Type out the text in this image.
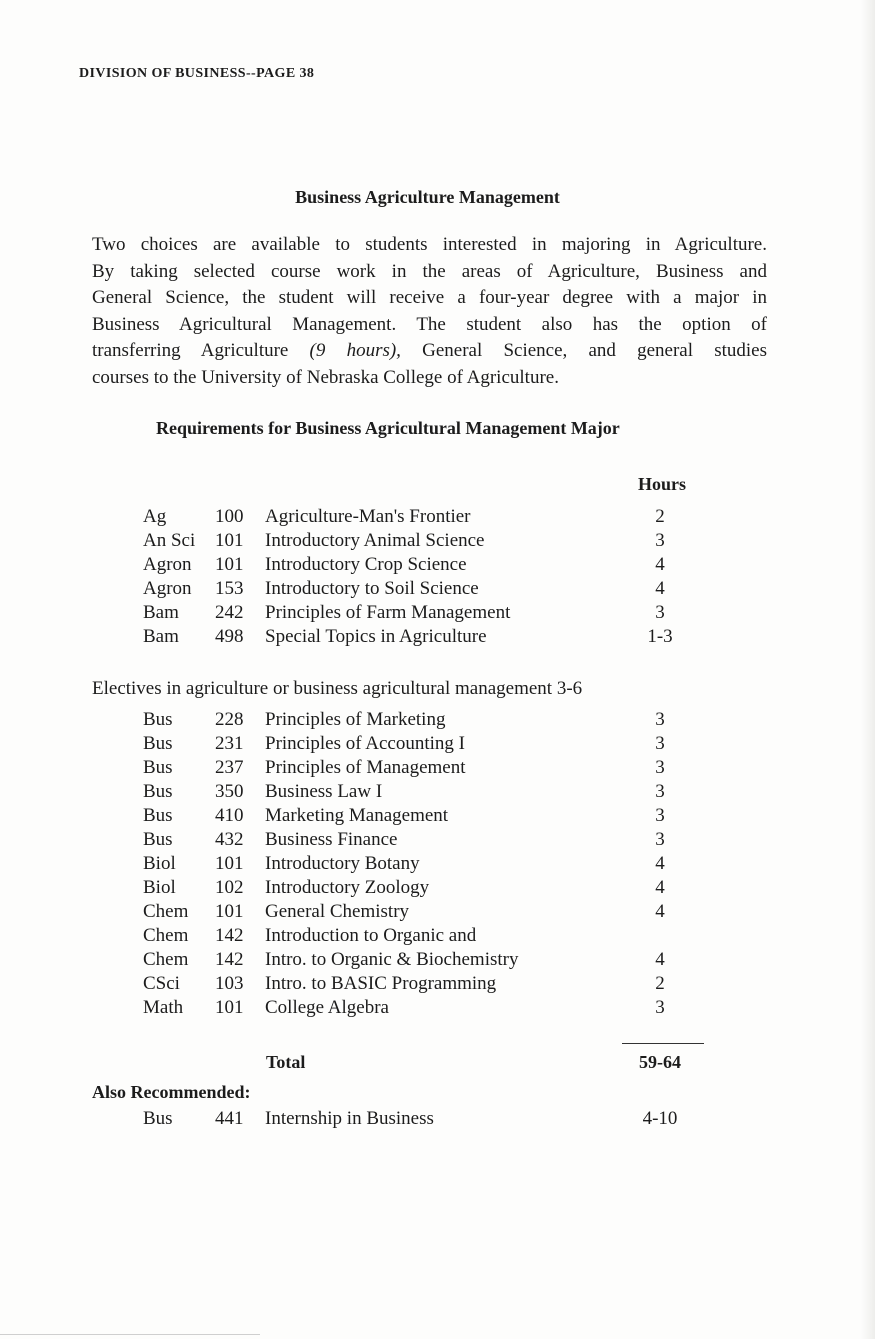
DIVISION OF BUSINESS--PAGE 38
Business Agriculture Management
Two choices are available to students interested in majoring in Agriculture.
By taking selected course work in the areas of Agriculture, Business and
General Science, the student will receive a four-year degree with a major in
Business Agricultural Management. The student also has the option of
transferring Agriculture (9 hours), General Science, and general studies
courses to the University of Nebraska College of Agriculture.
Requirements for Business Agricultural Management Major
Hours
Ag	100 Agriculture-Man's Frontier	2
An Sci 101 Introductory Animal Science	3
Agron 101 Introductory Crop Science	4
Agron 153 Introductory to Soil Science	4
Bam 242 Principles of Farm Management	3
Bam 498 Special Topics in Agriculture	1-3
Electives in agriculture or business agricultural management 3-6
Bus 228 Principles of Marketing	3
Bus 231 Principles of Accounting I	3
Bus 237 Principles of Management	3
Bus 350 Business Law I	3
Bus 410 Marketing Management	3
Bus 432 Business Finance	3
Biol 101 Introductory Botany	4
Biol 102 Introductory Zoology	4
Chem 101 General Chemistry	4
Chem 142 Introduction to Organic and
Chem 142 Intro. to Organic & Biochemistry	4
CSci 103 Intro. to BASIC Programming	2
Math 101 College Algebra	3
Total	59-64
Also Recommended:
Bus 441 Internship in Business	4-10
